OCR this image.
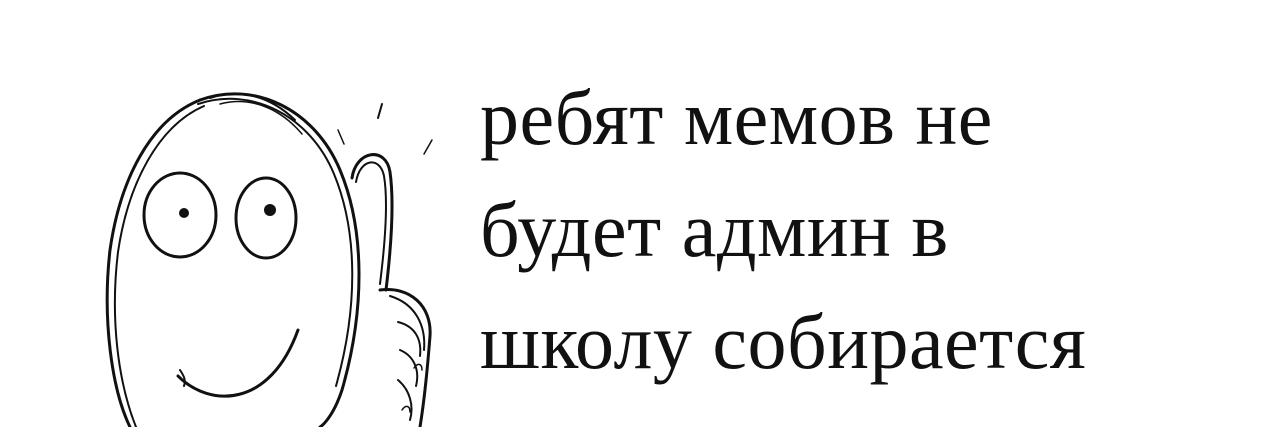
ребят мемов не
будет админ в
школу собирается
